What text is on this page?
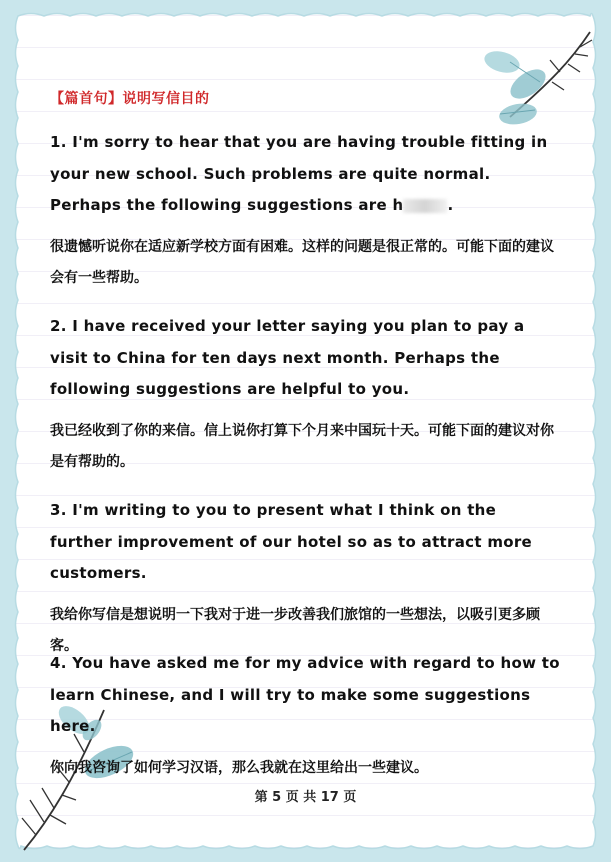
【篇首句】说明写信目的
1. I'm sorry to hear that you are having trouble fitting in your new school. Such problems are quite normal. Perhaps the following suggestions are h	.
很遗憾听说你在适应新学校方面有困难。这样的问题是很正常的。可能下面的建议会有一些帮助。
2. I have received your letter saying you plan to pay a visit to China for ten days next month. Perhaps the following suggestions are helpful to you.
我已经收到了你的来信。信上说你打算下个月来中国玩十天。可能下面的建议对你是有帮助的。
3. I'm writing to you to present what I think on the further improvement of our hotel so as to attract more customers.
我给你写信是想说明一下我对于进一步改善我们旅馆的一些想法，以吸引更多顾客。
4. You have asked me for my advice with regard to how to learn Chinese, and I will try to make some suggestions here.
你向我咨询了如何学习汉语，那么我就在这里给出一些建议。
第 5 页 共 17 页
